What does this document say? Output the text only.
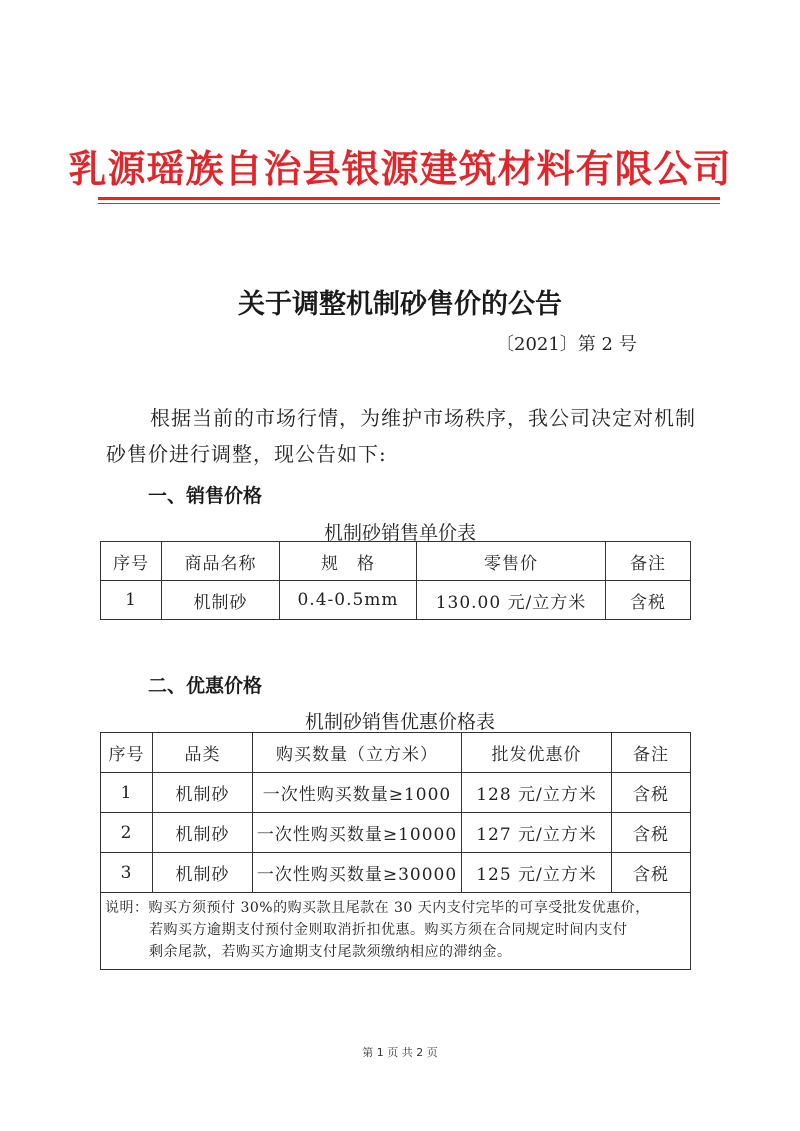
乳源瑶族自治县银源建筑材料有限公司
关于调整机制砂售价的公告
〔2021〕第 2 号
根据当前的市场行情，为维护市场秩序，我公司决定对机制
砂售价进行调整，现公告如下:
一、销售价格
机制砂销售单价表
序号	商品名称	规　格	零售价	备注
1	机制砂	0.4-0.5mm	130.00 元/立方米	含税
二、优惠价格
机制砂销售优惠价格表
序号	品类	购买数量（立方米）	批发优惠价	备注
1	机制砂	一次性购买数量≥1000	128 元/立方米	含税
2	机制砂	一次性购买数量≥10000	127 元/立方米	含税
3	机制砂	一次性购买数量≥30000	125 元/立方米	含税

说明：购买方须预付 30%的购买款且尾款在 30 天内支付完毕的可享受批发优惠价，
若购买方逾期支付预付金则取消折扣优惠。购买方须在合同规定时间内支付
剩余尾款，若购买方逾期支付尾款须缴纳相应的滞纳金。				
第 1 页 共 2 页
